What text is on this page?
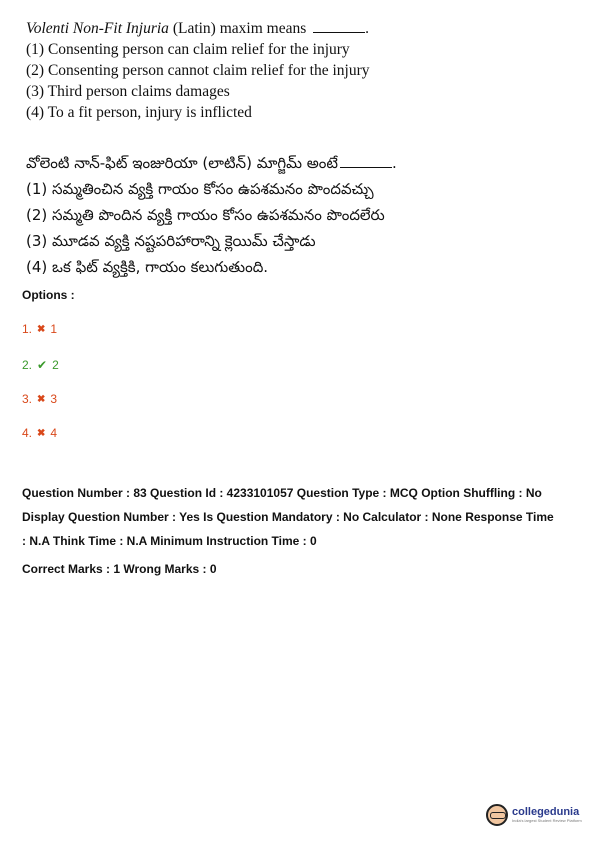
Volenti Non-Fit Injuria (Latin) maxim means	.
(1) Consenting person can claim relief for the injury
(2) Consenting person cannot claim relief for the injury
(3) Third person claims damages
(4) To a fit person, injury is inflicted
వోలెంటి నాన్-ఫిట్ ఇంజురియా (లాటిన్) మాగ్జిమ్ అంటే	.
(1) సమ్మతించిన వ్యక్తి గాయం కోసం ఉపశమనం పొందవచ్చు
(2) సమ్మతి పొందిన వ్యక్తి గాయం కోసం ఉపశమనం పొందలేరు
(3) మూడవ వ్యక్తి నష్టపరిహారాన్ని క్లెయిమ్ చేస్తాడు
(4) ఒక ఫిట్ వ్యక్తికి, గాయం కలుగుతుంది.
Options :
1. ✖ 1
2. ✔ 2
3. ✖ 3
4. ✖ 4
Question Number : 83 Question Id : 4233101057 Question Type : MCQ Option Shuffling : No
Display Question Number : Yes Is Question Mandatory : No Calculator : None Response Time
: N.A Think Time : N.A Minimum Instruction Time : 0
Correct Marks : 1 Wrong Marks : 0
collegedunia
India's largest Student Review Platform
